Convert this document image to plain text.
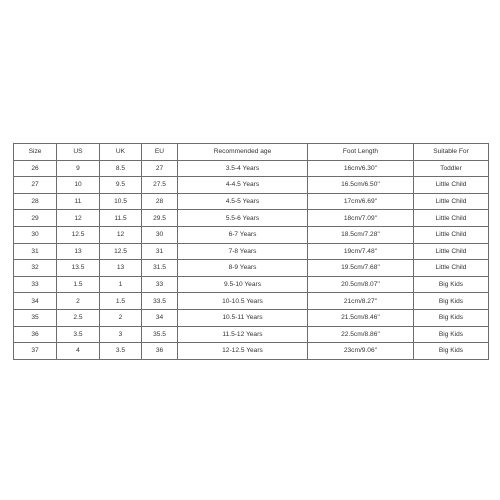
Size	US	UK	EU	Recommended age	Foot Length	Suitable For
26	9	8.5	27	3.5-4 Years	16cm/6.30''	Toddler
27	10	9.5	27.5	4-4.5 Years	16.5cm/6.50''	Little Child
28	11	10.5	28	4.5-5 Years	17cm/6.69''	Little Child
29	12	11.5	29.5	5.5-6 Years	18cm/7.09''	Little Child
30	12.5	12	30	6-7 Years	18.5cm/7.28''	Little Child
31	13	12.5	31	7-8 Years	19cm/7.48''	Little Child
32	13.5	13	31.5	8-9 Years	19.5cm/7.68''	Little Child
33	1.5	1	33	9.5-10 Years	20.5cm/8.07''	Big Kids
34	2	1.5	33.5	10-10.5 Years	21cm/8.27''	Big Kids
35	2.5	2	34	10.5-11 Years	21.5cm/8.46''	Big Kids
36	3.5	3	35.5	11.5-12 Years	22.5cm/8.86''	Big Kids
37	4	3.5	36	12-12.5 Years	23cm/9.06''	Big Kids
